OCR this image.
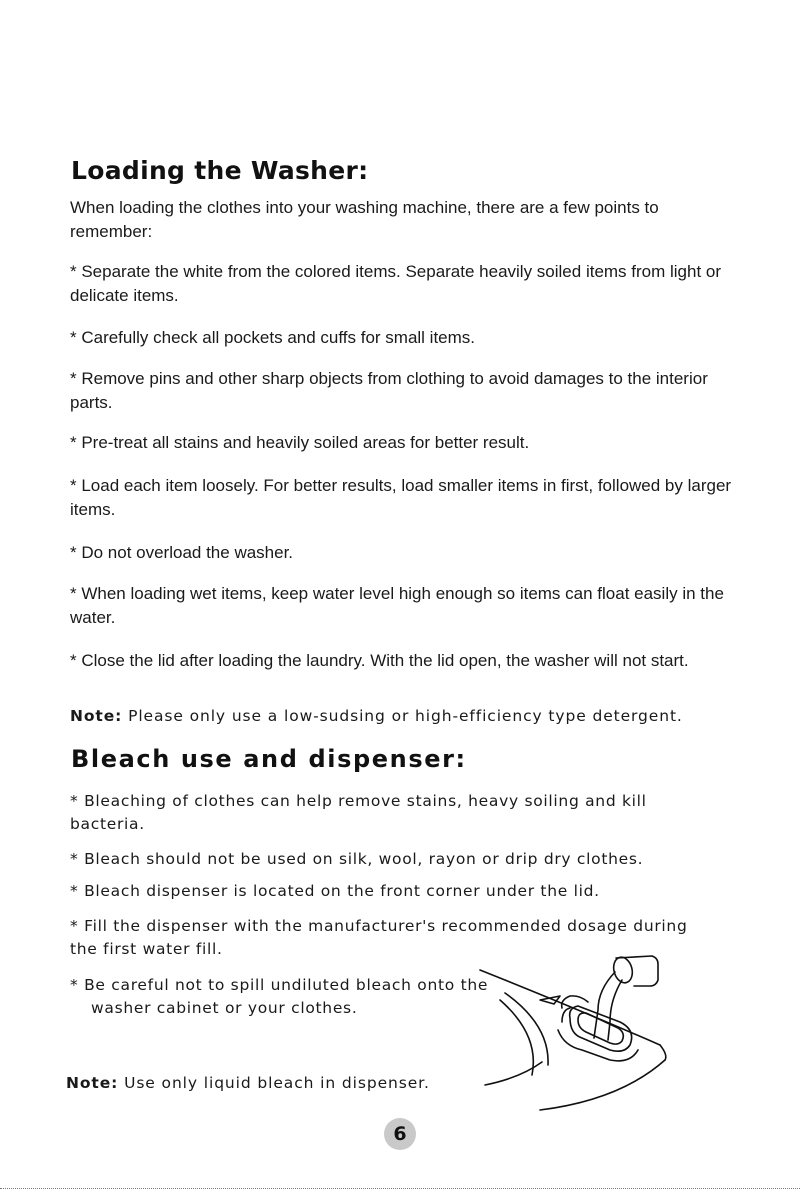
Loading the Washer:

When loading the clothes into your washing machine, there are a few points to remember:

* Separate the white from the colored items. Separate heavily soiled items from light or delicate items.

* Carefully check all pockets and cuffs for small items.

* Remove pins and other sharp objects from clothing to avoid damages to the interior parts.

* Pre-treat all stains and heavily soiled areas for better result.

* Load each item loosely. For better results, load smaller items in first, followed by larger items.

* Do not overload the washer.

* When loading wet items, keep water level high enough so items can float easily in the water.

* Close the lid after loading the laundry. With the lid open, the washer will not start.

Note: Please only use a low-sudsing or high-efficiency type detergent.

Bleach use and dispenser:

* Bleaching of clothes can help remove stains, heavy soiling and kill bacteria.

* Bleach should not be used on silk, wool, rayon or drip dry clothes.

* Bleach dispenser is located on the front corner under the lid.

* Fill the dispenser with the manufacturer's recommended dosage during the first water fill.

* Be careful not to spill undiluted bleach onto the washer cabinet or your clothes.

Note: Use only liquid bleach in dispenser.

6
